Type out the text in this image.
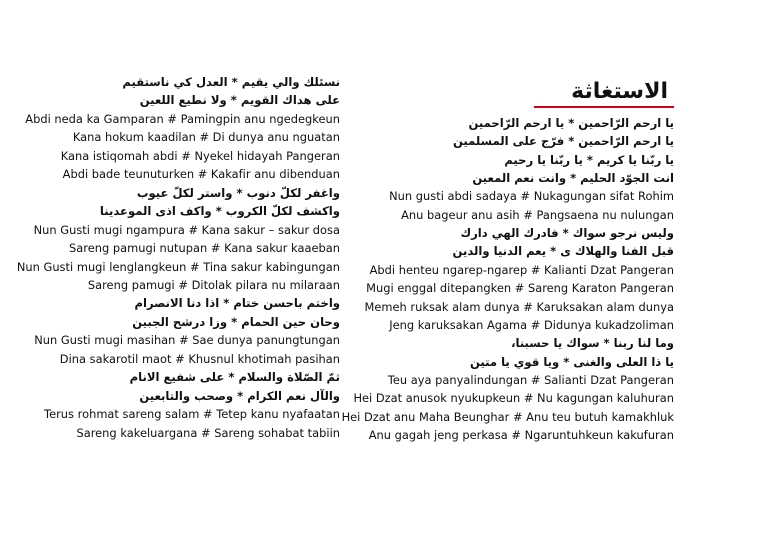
نسئلك والي يقيم * العدل كي ناستقيم
على هداك القويم * ولا نطيع اللعين
Abdi neda ka Gamparan # Pamingpin anu ngedegkeun
Kana hokum kaadilan # Di dunya anu nguatan
Kana istiqomah abdi # Nyekel hidayah Pangeran
Abdi bade teunuturken # Kakafir anu dibenduan
واغفر لكلّ دنوب * واستر لكلّ عيوب
واكشف لكلّ الكروب * واكف اذى الموعدينا
Nun Gusti mugi ngampura # Kana sakur – sakur dosa
Sareng pamugi nutupan # Kana sakur kaaeban
Nun Gusti mugi lenglangkeun # Tina sakur kabingungan
Sareng pamugi # Ditolak pilara nu milaraan
واختم باحسن ختام * اذا دنا الانصرام
وحان حين الحمام * وزا درشح الجبين
Nun Gusti mugi masihan # Sae dunya panungtungan
Dina sakarotil maot # Khusnul khotimah pasihan
ثمّ الصّلاة والسلام * على شفيع الانام
والآل نعم الكرام * وصحب والتابعين
Terus rohmat sareng salam # Tetep kanu nyafaatan
Sareng kakeluargana # Sareng sohabat tabiin
الاستغاثة
يا ارحم الرّاحمين * يا ارحم الرّاحمين
يا ارحم الرّاحمين * فرّج على المسلمين
يا ربّنا يا كريم * يا ربّنا يا رحيم
انت الجوّد الحليم * وانت نعم المعين
Nun gusti abdi sadaya # Nukagungan sifat Rohim
Anu bageur anu asih # Pangsaena nu nulungan
وليس نرجو سواك * فادرك الهي دارك
قبل الفنا والهلاك ى * يعم الدنيا والدين
Abdi henteu ngarep-ngarep # Kalianti Dzat Pangeran
Mugi enggal ditepangken # Sareng Karaton Pangeran
Memeh ruksak alam dunya # Karuksakan alam dunya
Jeng karuksakan Agama # Didunya kukadzoliman
وما لنا ربنا * سواك يا حسبنا،
يا ذا العلى والغنى * ويا قوي يا متين
Teu aya panyalindungan # Salianti Dzat Pangeran
Hei Dzat anusok nyukupkeun # Nu kagungan kaluhuran
Hei Dzat anu Maha Beunghar # Anu teu butuh kamakhluk
Anu gagah jeng perkasa # Ngaruntuhkeun kakufuran
